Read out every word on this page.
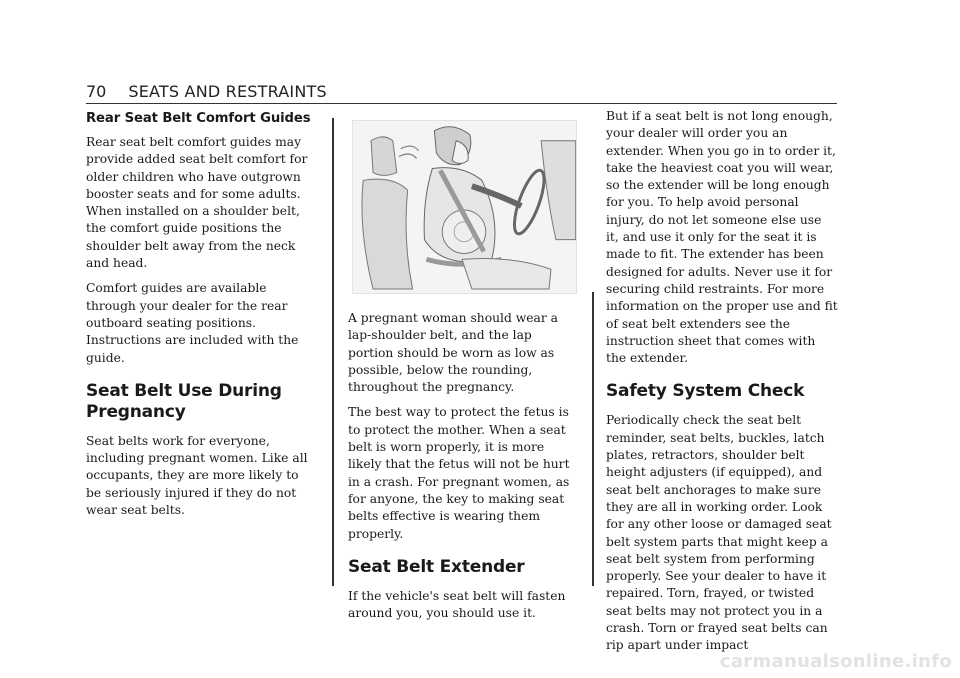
70 SEATS AND RESTRAINTS
Rear Seat Belt Comfort Guides

Rear seat belt comfort guides may provide added seat belt comfort for older children who have outgrown booster seats and for some adults. When installed on a shoulder belt, the comfort guide positions the shoulder belt away from the neck and head.

Comfort guides are available through your dealer for the rear outboard seating positions. Instructions are included with the guide.

Seat Belt Use During Pregnancy

Seat belts work for everyone, including pregnant women. Like all occupants, they are more likely to be seriously injured if they do not wear seat belts.

A pregnant woman should wear a lap-shoulder belt, and the lap portion should be worn as low as possible, below the rounding, throughout the pregnancy.

The best way to protect the fetus is to protect the mother. When a seat belt is worn properly, it is more likely that the fetus will not be hurt in a crash. For pregnant women, as for anyone, the key to making seat belts effective is wearing them properly.

Seat Belt Extender

If the vehicle's seat belt will fasten around you, you should use it.

But if a seat belt is not long enough, your dealer will order you an extender. When you go in to order it, take the heaviest coat you will wear, so the extender will be long enough for you. To help avoid personal injury, do not let someone else use it, and use it only for the seat it is made to fit. The extender has been designed for adults. Never use it for securing child restraints. For more information on the proper use and fit of seat belt extenders see the instruction sheet that comes with the extender.

Safety System Check

Periodically check the seat belt reminder, seat belts, buckles, latch plates, retractors, shoulder belt height adjusters (if equipped), and seat belt anchorages to make sure they are all in working order. Look for any other loose or damaged seat belt system parts that might keep a seat belt system from performing properly. See your dealer to have it repaired. Torn, frayed, or twisted seat belts may not protect you in a crash. Torn or frayed seat belts can rip apart under impact

carmanualsonline.info
